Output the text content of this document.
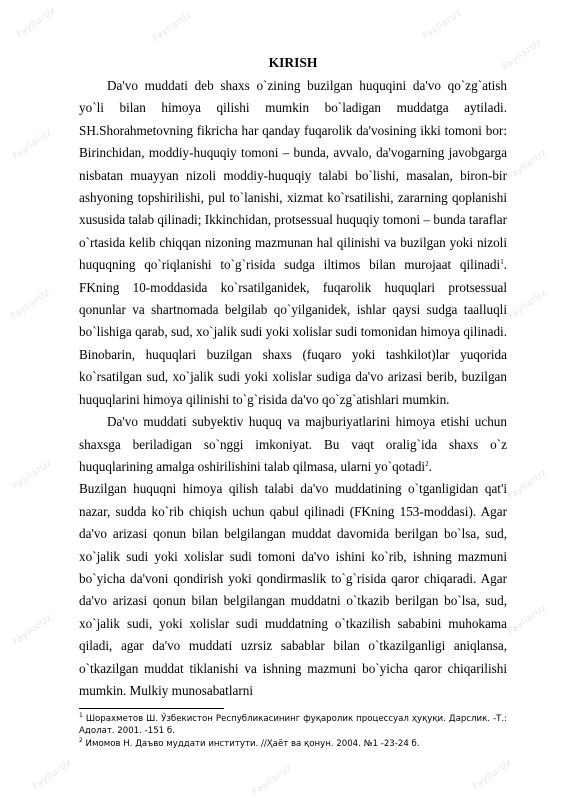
FayllarUz	FayllarUz	FayllarUz
FayllarUz
FayllarUz
FayllarUz
FayllarUz	FayllarUz
FayllarUz	FayllarUz
FayllarUz	FayllarUz
FayllarUz	FayllarUz	FayllarUz
KIRISH

Da'vo muddati deb shaxs o`zining buzilgan huquqini da'vo qo`zg`atish yo`li bilan himoya qilishi mumkin bo`ladigan muddatga aytiladi. SH.Shorahmetovning fikricha har qanday fuqarolik da'vosining ikki tomoni bor: Birinchidan, moddiy-huquqiy tomoni – bunda, avvalo, da'vogarning javobgarga nisbatan muayyan nizoli moddiy-huquqiy talabi bo`lishi, masalan, biron-bir ashyoning topshirilishi, pul to`lanishi, xizmat ko`rsatilishi, zararning qoplanishi xususida talab qilinadi; Ikkinchidan, protsessual huquqiy tomoni – bunda taraflar o`rtasida kelib chiqqan nizoning mazmunan hal qilinishi va buzilgan yoki nizoli huquqning qo`riqlanishi to`g`risida sudga iltimos bilan murojaat qilinadi$^1$. FKning 10-moddasida ko`rsatilganidek, fuqarolik huquqlari protsessual qonunlar va shartnomada belgilab qo`yilganidek, ishlar qaysi sudga taalluqli bo`lishiga qarab, sud, xo`jalik sudi yoki xolislar sudi tomonidan himoya qilinadi. Binobarin, huquqlari buzilgan shaxs (fuqaro yoki tashkilot)lar yuqorida ko`rsatilgan sud, xo`jalik sudi yoki xolislar sudiga da'vo arizasi berib, buzilgan huquqlarini himoya qilinishi to`g`risida da'vo qo`zg`atishlari mumkin.

Da'vo muddati subyektiv huquq va majburiyatlarini himoya etishi uchun shaxsga beriladigan so`nggi imkoniyat. Bu vaqt oralig`ida shaxs o`z huquqlarining amalga oshirilishini talab qilmasa, ularni yo`qotadi$^2$.

Buzilgan huquqni himoya qilish talabi da'vo muddatining o`tganligidan qat'i nazar, sudda ko`rib chiqish uchun qabul qilinadi (FKning 153-moddasi). Agar da'vo arizasi qonun bilan belgilangan muddat davomida berilgan bo`lsa, sud, xo`jalik sudi yoki xolislar sudi tomoni da'vo ishini ko`rib, ishning mazmuni bo`yicha da'voni qondirish yoki qondirmaslik to`g`risida qaror chiqaradi. Agar da'vo arizasi qonun bilan belgilangan muddatni o`tkazib berilgan bo`lsa, sud, xo`jalik sudi, yoki xolislar sudi muddatning o`tkazilish sababini muhokama qiladi, agar da'vo muddati uzrsiz sabablar bilan o`tkazilganligi aniqlansa, o`tkazilgan muddat tiklanishi va ishning mazmuni bo`yicha qaror chiqarilishi mumkin. Mulkiy munosabatlarni

$^1$ Шорахметов Ш. Ўзбекистон Республикасининг фуқаролик процессуал ҳуқуқи. Дарслик. -Т.: Адолат. 2001. -151 б.

$^2$ Имомов Н. Даъво муддати институти. //Ҳаёт ва қонун. 2004. №1 -23-24 б.
